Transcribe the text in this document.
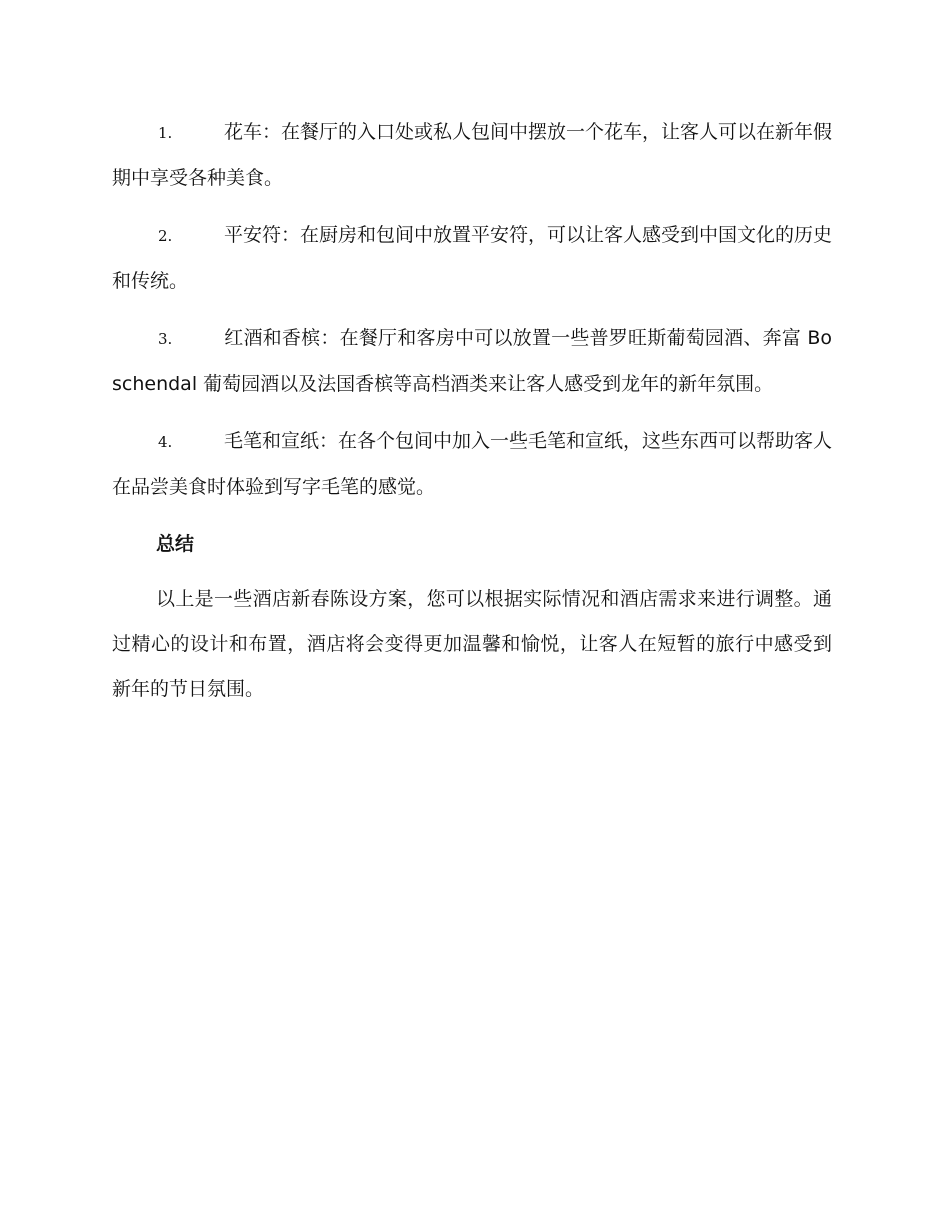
1.	花车：在餐厅的入口处或私人包间中摆放一个花车，让客人可以在新年假期中享受各种美食。

2.	平安符：在厨房和包间中放置平安符，可以让客人感受到中国文化的历史和传统。

3.	红酒和香槟：在餐厅和客房中可以放置一些普罗旺斯葡萄园酒、奔富 Boschendal 葡萄园酒以及法国香槟等高档酒类来让客人感受到龙年的新年氛围。

4.	毛笔和宣纸：在各个包间中加入一些毛笔和宣纸，这些东西可以帮助客人在品尝美食时体验到写字毛笔的感觉。

总结

以上是一些酒店新春陈设方案，您可以根据实际情况和酒店需求来进行调整。通过精心的设计和布置，酒店将会变得更加温馨和愉悦，让客人在短暂的旅行中感受到新年的节日氛围。
